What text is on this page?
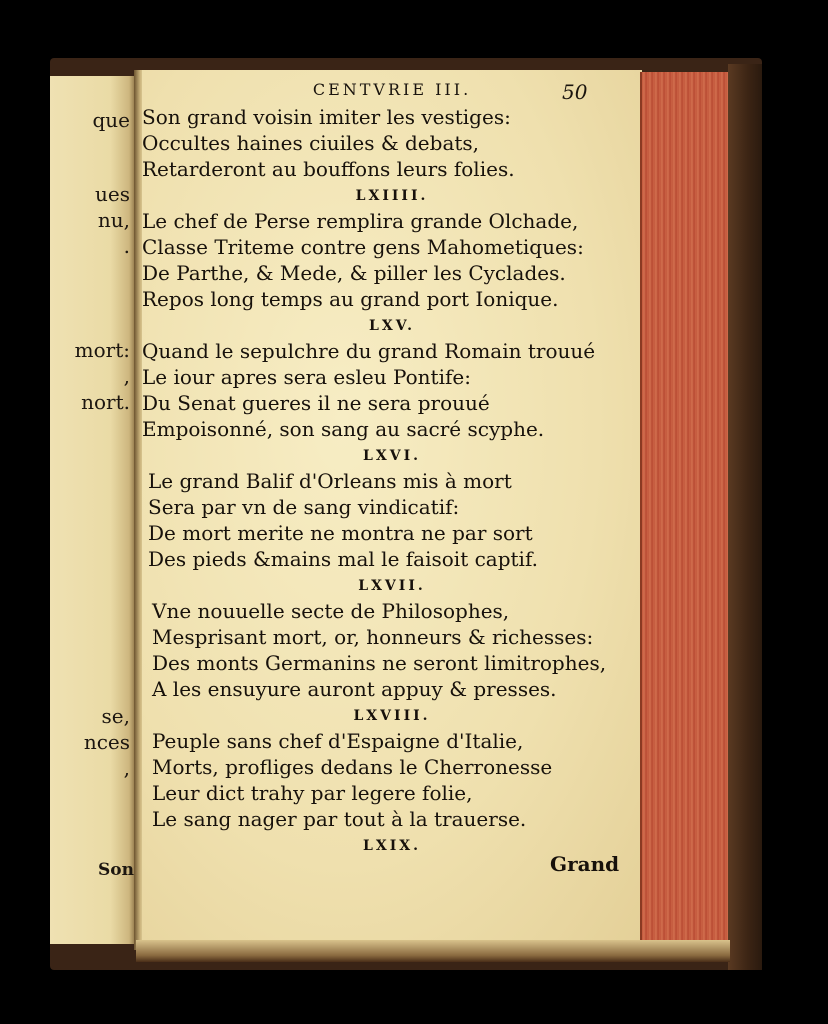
que
ues
nu,
.
mort:
,
nort.
se,
nces
,
Son
CENTVRIE III.	50
Son grand voisin imiter les vestiges:
Occultes haines ciuiles & debats,
Retarderont au bouffons leurs folies.
LXIIII.
Le chef de Perse remplira grande Olchade,
Classe Triteme contre gens Mahometiques:
De Parthe, & Mede, & piller les Cyclades.
Repos long temps au grand port Ionique.
LXV.
Quand le sepulchre du grand Romain trouué
Le iour apres sera esleu Pontife:
Du Senat gueres il ne sera prouué
Empoisonné, son sang au sacré scyphe.
LXVI.
Le grand Balif d'Orleans mis à mort
Sera par vn de sang vindicatif:
De mort merite ne montra ne par sort
Des pieds &mains mal le faisoit captif.
LXVII.
Vne nouuelle secte de Philosophes,
Mesprisant mort, or, honneurs & richesses:
Des monts Germanins ne seront limitrophes,
A les ensuyure auront appuy & presses.
LXVIII.
Peuple sans chef d'Espaigne d'Italie,
Morts, profliges dedans le Cherronesse
Leur dict trahy par legere folie,
Le sang nager par tout à la trauerse.
LXIX.
Grand
